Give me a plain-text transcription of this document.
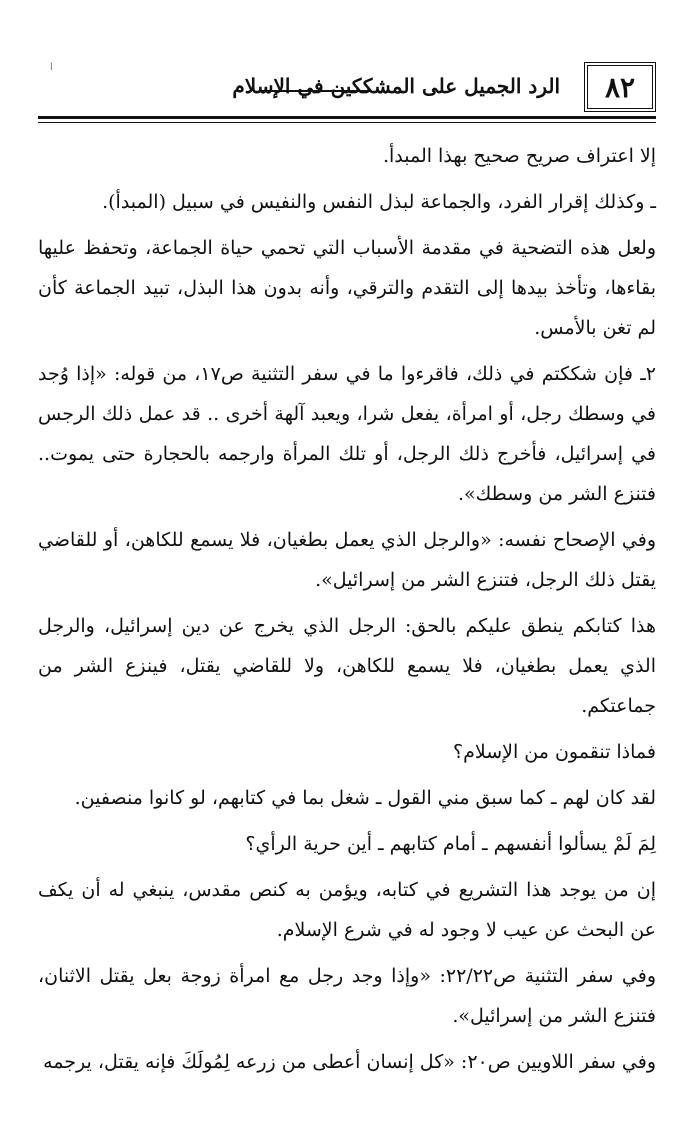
ا
٨٢
الرد الجميل على المشككين في الإسلام

إلا اعتراف صريح صحيح بهذا المبدأ.

ـ وكذلك إقرار الفرد، والجماعة لبذل النفس والنفيس في سبيل (المبدأ).

ولعل هذه التضحية في مقدمة الأسباب التي تحمي حياة الجماعة، وتحفظ عليها بقاءها، وتأخذ بيدها إلى التقدم والترقي، وأنه بدون هذا البذل، تبيد الجماعة كأن لم تغن بالأمس.

٢ـ فإن شككتم في ذلك، فاقرءوا ما في سفر التثنية ص١٧، من قوله: «إذا وُجد في وسطك رجل، أو امرأة، يفعل شرا، ويعبد آلهة أخرى .. قد عمل ذلك الرجس في إسرائيل، فأخرج ذلك الرجل، أو تلك المرأة وارجمه بالحجارة حتى يموت.. فتنزع الشر من وسطك».

وفي الإصحاح نفسه: «والرجل الذي يعمل بطغيان، فلا يسمع للكاهن، أو للقاضي يقتل ذلك الرجل، فتنزع الشر من إسرائيل».

هذا كتابكم ينطق عليكم بالحق: الرجل الذي يخرج عن دين إسرائيل، والرجل الذي يعمل بطغيان، فلا يسمع للكاهن، ولا للقاضي يقتل، فينزع الشر من جماعتكم.

فماذا تنقمون من الإسلام؟

لقد كان لهم ـ كما سبق مني القول ـ شغل بما في كتابهم، لو كانوا منصفين.

لِمَ لَمْ يسألوا أنفسهم ـ أمام كتابهم ـ أين حرية الرأي؟

إن من يوجد هذا التشريع في كتابه، ويؤمن به كنص مقدس، ينبغي له أن يكف عن البحث عن عيب لا وجود له في شرع الإسلام.

وفي سفر التثنية ص٢٢/٢٢: «وإذا وجد رجل مع امرأة زوجة بعل يقتل الاثنان، فتنزع الشر من إسرائيل».

وفي سفر اللاويين ص٢٠: «كل إنسان أعطى من زرعه لِمُولَكَ فإنه يقتل، يرجمه
